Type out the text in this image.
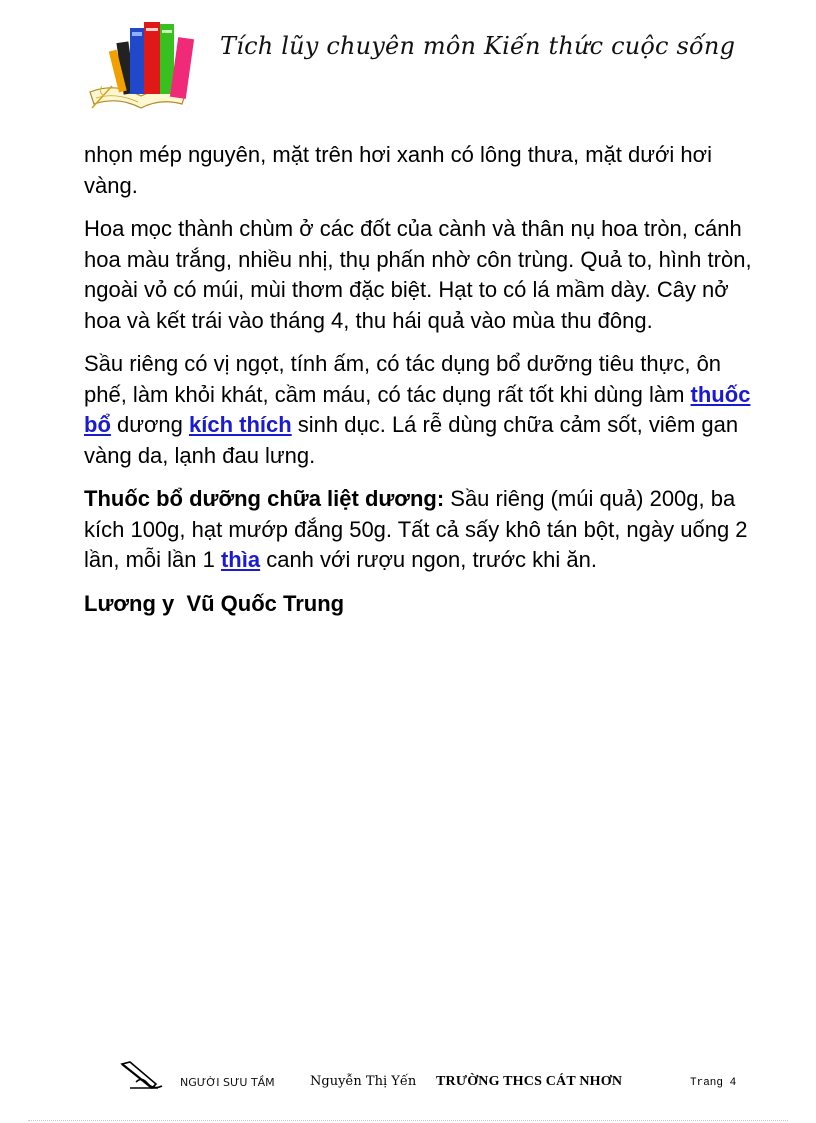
Tích lũy chuyên môn Kiến thức cuộc sống

nhọn mép nguyên, mặt trên hơi xanh có lông thưa, mặt dưới hơi vàng.

Hoa mọc thành chùm ở các đốt của cành và thân nụ hoa tròn, cánh hoa màu trắng, nhiều nhị, thụ phấn nhờ côn trùng. Quả to, hình tròn, ngoài vỏ có múi, mùi thơm đặc biệt. Hạt to có lá mầm dày. Cây nở hoa và kết trái vào tháng 4, thu hái quả vào mùa thu đông.

Sầu riêng có vị ngọt, tính ấm, có tác dụng bổ dưỡng tiêu thực, ôn phế, làm khỏi khát, cầm máu, có tác dụng rất tốt khi dùng làm thuốc bổ dương kích thích sinh dục. Lá rễ dùng chữa cảm sốt, viêm gan vàng da, lạnh đau lưng.

Thuốc bổ dưỡng chữa liệt dương: Sầu riêng (múi quả) 200g, ba kích 100g, hạt mướp đắng 50g. Tất cả sấy khô tán bột, ngày uống 2 lần, mỗi lần 1 thìa canh với rượu ngon, trước khi ăn.

Lương y  Vũ Quốc Trung

NGƯỜI SƯU TẦM	Nguyễn Thị Yến TRƯỜNG THCS CÁT NHƠN	Trang 4
